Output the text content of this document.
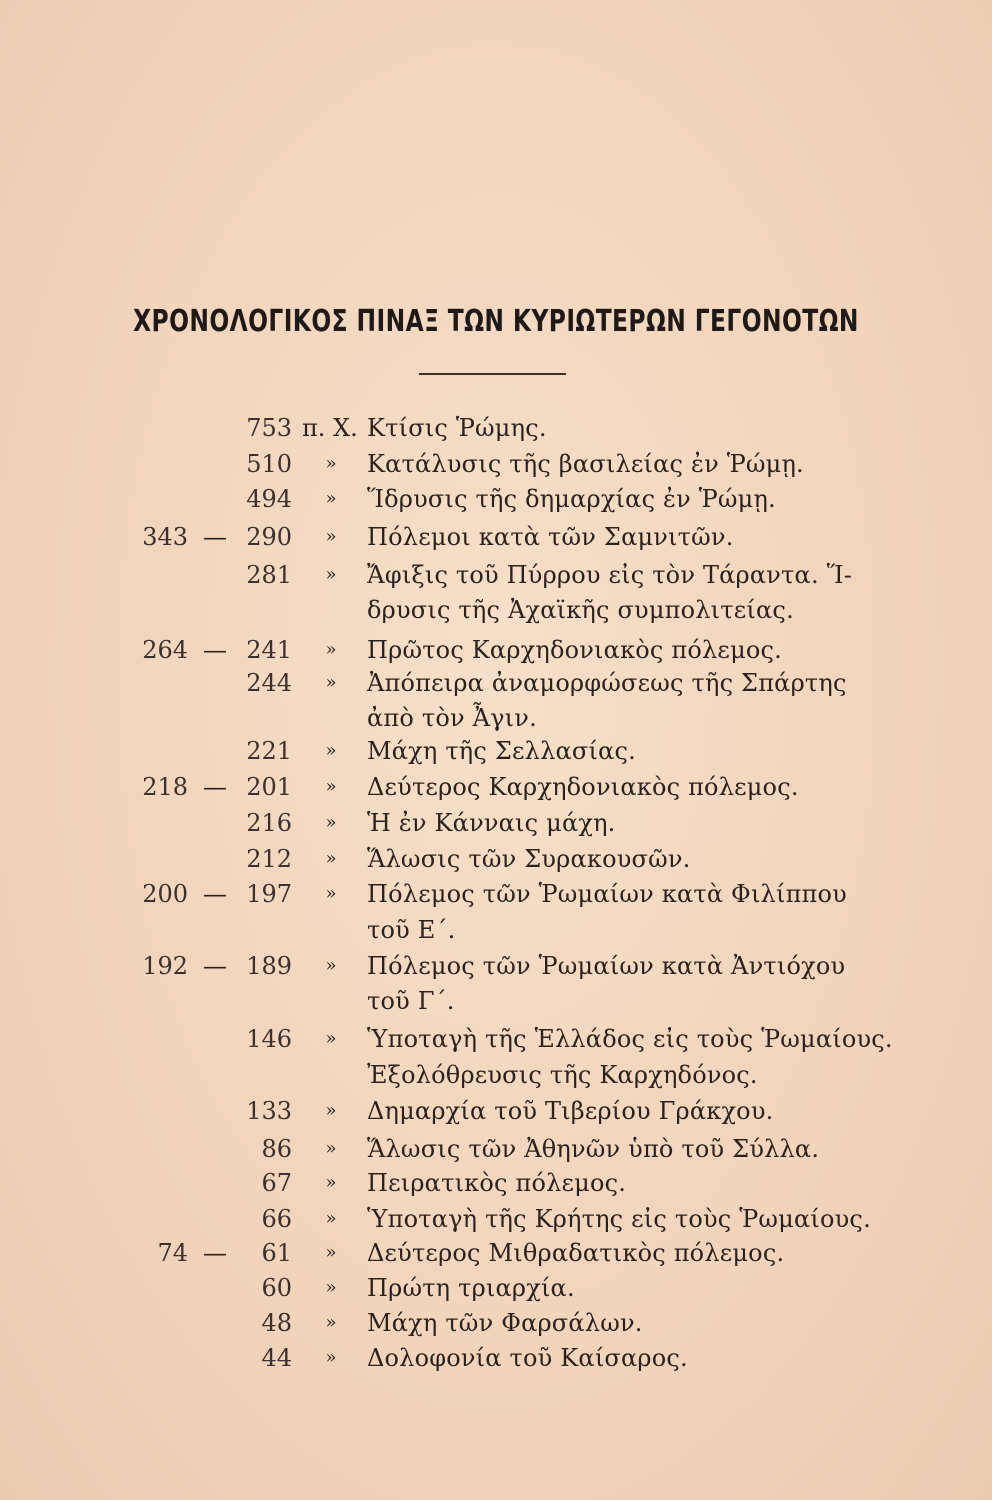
ΧΡΟΝΟΛΟΓΙΚΟΣ ΠΙΝΑΞ ΤΩΝ ΚΥΡΙΩΤΕΡΩΝ ΓΕΓΟΝΟΤΩΝ
753 π. Χ. Κτίσις Ῥώμης.
510 » Κατάλυσις τῆς βασιλείας ἐν Ῥώμῃ.
494 » Ἵδρυσις τῆς δημαρχίας ἐν Ῥώμῃ.
343 — 290 » Πόλεμοι κατὰ τῶν Σαμνιτῶν.
281 » Ἄφιξις τοῦ Πύρρου εἰς τὸν Τάραντα. Ἵ-
δρυσις τῆς Ἀχαϊκῆς συμπολιτείας.
264 — 241 » Πρῶτος Καρχηδονιακὸς πόλεμος.
244 » Ἀπόπειρα ἀναμορφώσεως τῆς Σπάρτης
ἀπὸ τὸν Ἆγιν.
221 » Μάχη τῆς Σελλασίας.
218 — 201 » Δεύτερος Καρχηδονιακὸς πόλεμος.
216 » Ἡ ἐν Κάνναις μάχη.
212 » Ἅλωσις τῶν Συρακουσῶν.
200 — 197 » Πόλεμος τῶν Ῥωμαίων κατὰ Φιλίππου
τοῦ Ε΄.
192 — 189 » Πόλεμος τῶν Ῥωμαίων κατὰ Ἀντιόχου
τοῦ Γ΄.
146 » Ὑποταγὴ τῆς Ἑλλάδος εἰς τοὺς Ῥωμαίους.
Ἐξολόθρευσις τῆς Καρχηδόνος.
133 » Δημαρχία τοῦ Τιβερίου Γράκχου.
86 » Ἅλωσις τῶν Ἀθηνῶν ὑπὸ τοῦ Σύλλα.
67 » Πειρατικὸς πόλεμος.
66 » Ὑποταγὴ τῆς Κρήτης εἰς τοὺς Ῥωμαίους.
74 —	61 » Δεύτερος Μιθραδατικὸς πόλεμος.
60 » Πρώτη τριαρχία.
48 » Μάχη τῶν Φαρσάλων.
44 » Δολοφονία τοῦ Καίσαρος.
